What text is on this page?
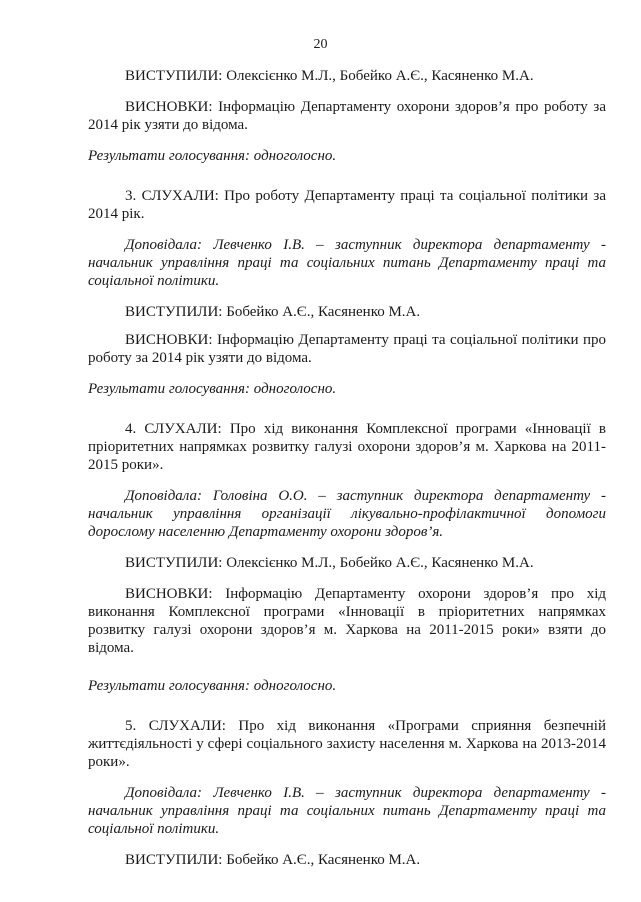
20

ВИСТУПИЛИ: Олексієнко М.Л., Бобейко А.Є., Касяненко М.А.

ВИСНОВКИ: Інформацію Департаменту охорони здоров’я про роботу за 2014 рік узяти до відома.

Результати голосування: одноголосно.

3. СЛУХАЛИ: Про роботу Департаменту праці та соціальної політики за 2014 рік.

Доповідала: Левченко І.В. – заступник директора департаменту - начальник управління праці та соціальних питань Департаменту праці та соціальної політики.

ВИСТУПИЛИ: Бобейко А.Є., Касяненко М.А.

ВИСНОВКИ: Інформацію Департаменту праці та соціальної політики про роботу за 2014 рік узяти до відома.

Результати голосування: одноголосно.

4. СЛУХАЛИ: Про хід виконання Комплексної програми «Інновації в пріоритетних напрямках розвитку галузі охорони здоров’я м. Харкова на 2011-2015 роки».

Доповідала: Головіна О.О. – заступник директора департаменту - начальник управління організації лікувально-профілактичної допомоги дорослому населенню Департаменту охорони здоров’я.

ВИСТУПИЛИ: Олексієнко М.Л., Бобейко А.Є., Касяненко М.А.

ВИСНОВКИ: Інформацію Департаменту охорони здоров’я про хід виконання Комплексної програми «Інновації в пріоритетних напрямках розвитку галузі охорони здоров’я м. Харкова на 2011-2015 роки» взяти до відома.

Результати голосування: одноголосно.

5. СЛУХАЛИ: Про хід виконання «Програми сприяння безпечній життєдіяльності у сфері соціального захисту населення м. Харкова на 2013-2014 роки».

Доповідала: Левченко І.В. – заступник директора департаменту - начальник управління праці та соціальних питань Департаменту праці та соціальної політики.

ВИСТУПИЛИ: Бобейко А.Є., Касяненко М.А.
